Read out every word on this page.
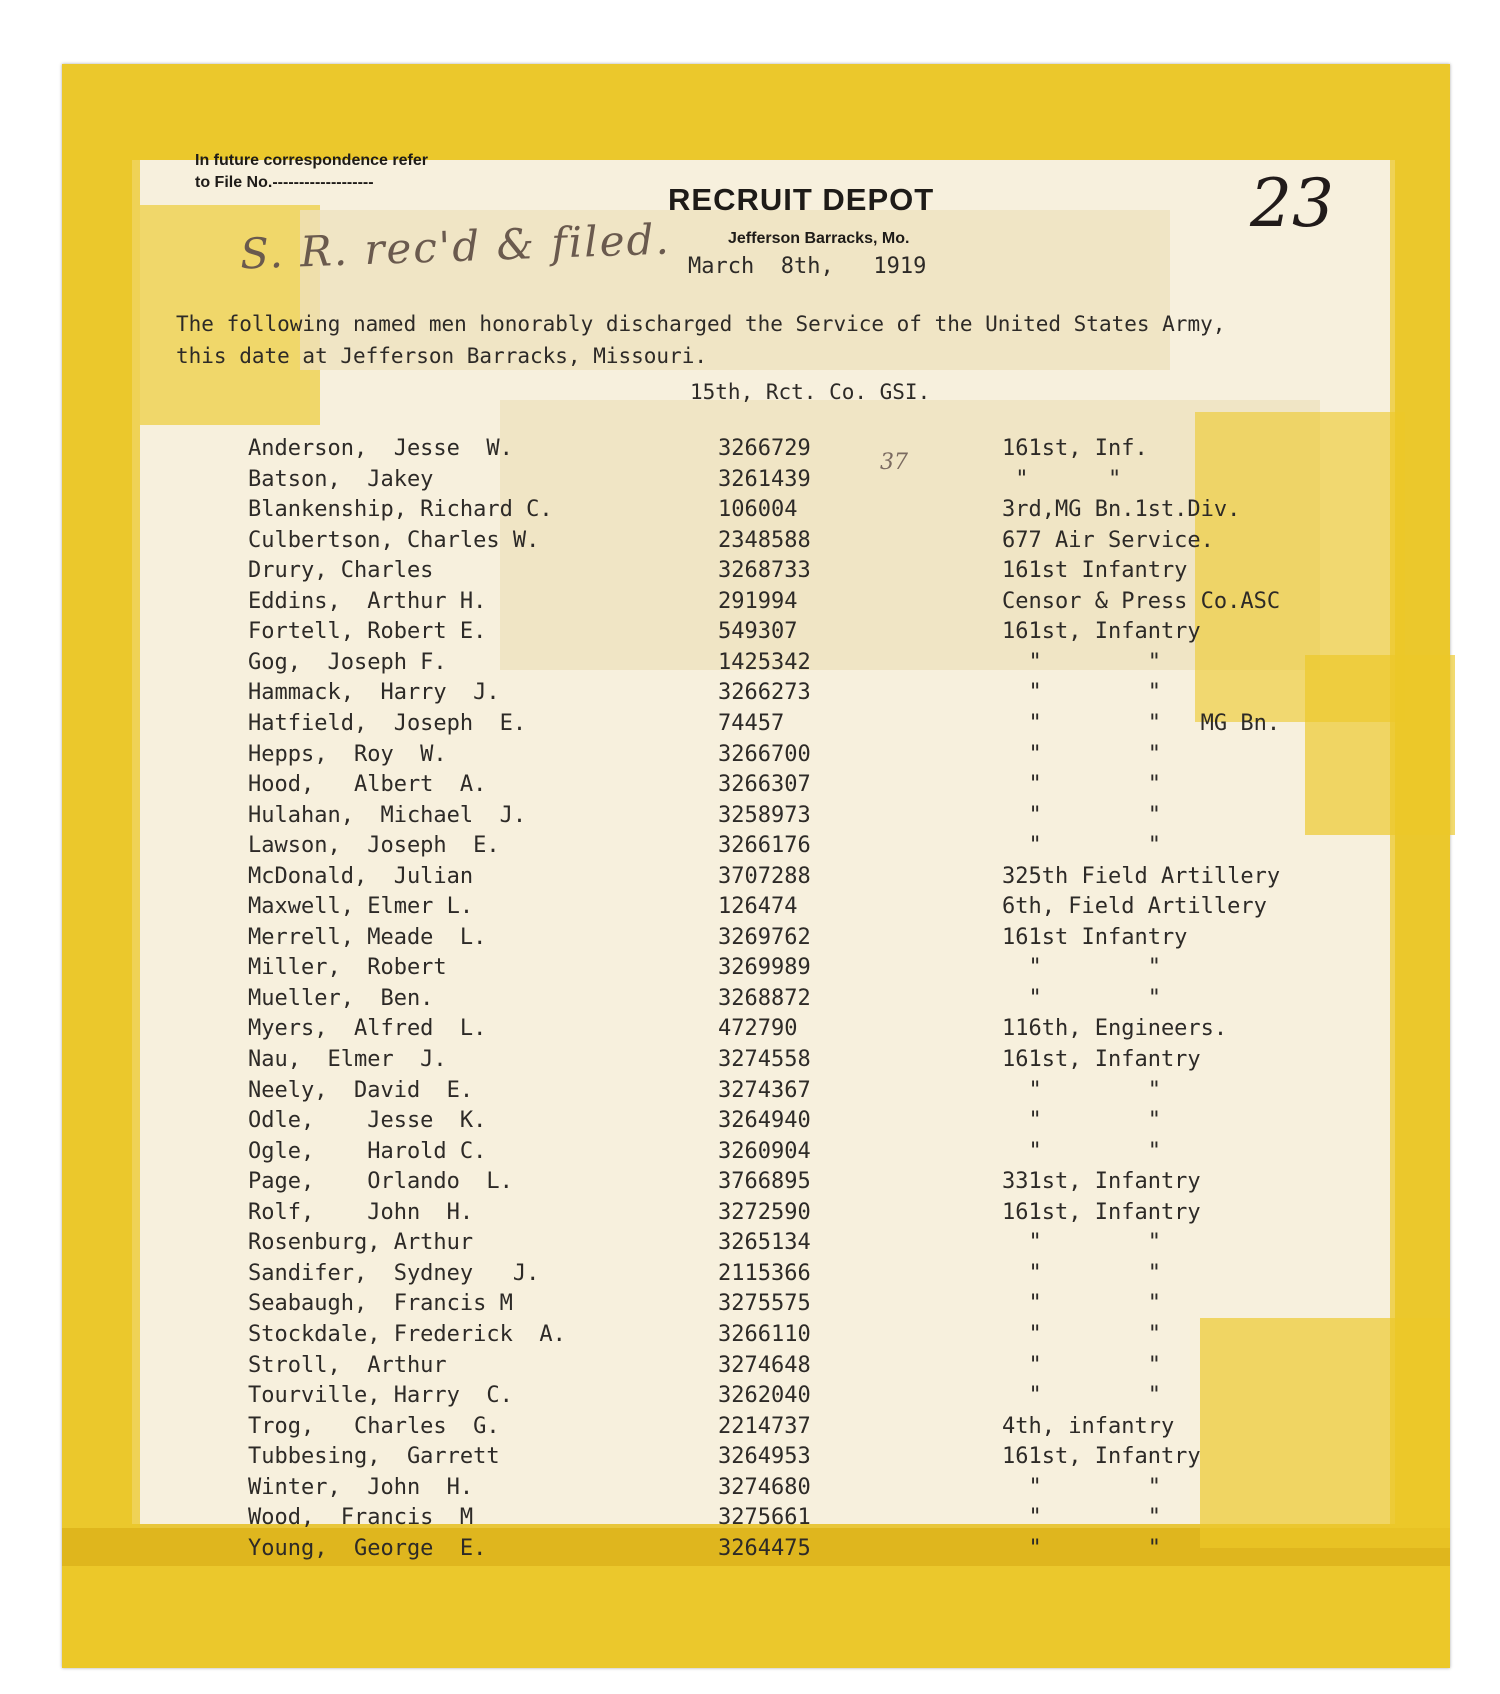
In future correspondence refer
to File No.-------------------	RECRUIT DEPOT
Jefferson Barracks, Mo.
S. R. rec'd & filed.
23
37
March  8th,   1919
The following named men honorably discharged the Service of the United States Army,
this date at Jefferson Barracks, Missouri.
15th, Rct. Co. GSI.
Anderson,  Jesse  W.	3266729	161st, Inf.
Batson,  Jakey	3261439	"      "
Blankenship, Richard C.	106004	3rd,MG Bn.1st.Div.
Culbertson, Charles W.	2348588	677 Air Service.
Drury, Charles	3268733	161st Infantry
Eddins,  Arthur H.	291994	Censor & Press Co.ASC
Fortell, Robert E.	549307	161st, Infantry
Gog,  Joseph F.	1425342	"        "
Hammack,  Harry  J.	3266273	"        "
Hatfield,  Joseph  E.	74457	"        "   MG Bn.
Hepps,  Roy  W.	3266700	"        "
Hood,   Albert  A.	3266307	"        "
Hulahan,  Michael  J.	3258973	"        "
Lawson,  Joseph  E.	3266176	"        "
McDonald,  Julian	3707288	325th Field Artillery
Maxwell, Elmer L.	126474	6th, Field Artillery
Merrell, Meade  L.	3269762	161st Infantry
Miller,  Robert	3269989	"        "
Mueller,  Ben.	3268872	"        "
Myers,  Alfred  L.	472790	116th, Engineers.
Nau,  Elmer  J.	3274558	161st, Infantry
Neely,  David  E.	3274367	"        "
Odle,    Jesse  K.	3264940	"        "
Ogle,    Harold C.	3260904	"        "
Page,    Orlando  L.	3766895	331st, Infantry
Rolf,    John  H.	3272590	161st, Infantry
Rosenburg, Arthur	3265134	"        "
Sandifer,  Sydney   J.	2115366	"        "
Seabaugh,  Francis M	3275575	"        "
Stockdale, Frederick  A.	3266110	"        "
Stroll,  Arthur	3274648	"        "
Tourville, Harry  C.	3262040	"        "
Trog,   Charles  G.	2214737	4th, infantry
Tubbesing,  Garrett	3264953	161st, Infantry
Winter,  John  H.	3274680	"        "
Wood,  Francis  M	3275661	"        "
Young,  George  E.	3264475	"        "
